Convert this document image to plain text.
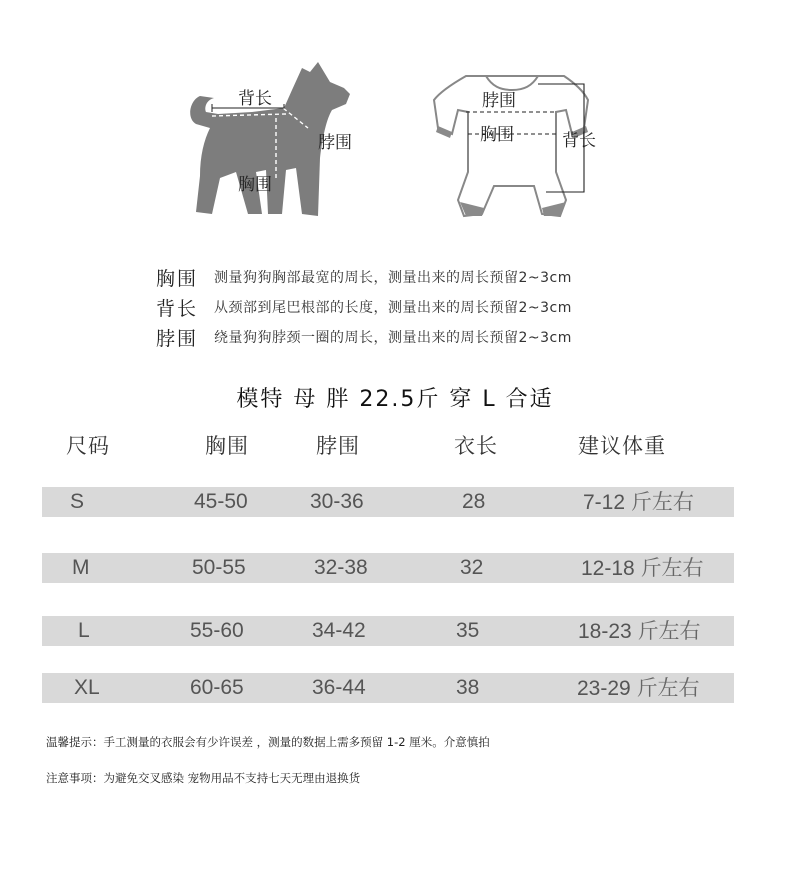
背长
脖围
胸围
脖围
胸围	背长
胸围	测量狗狗胸部最宽的周长，测量出来的周长预留2~3cm
背长	从颈部到尾巴根部的长度，测量出来的周长预留2~3cm
脖围	绕量狗狗脖颈一圈的周长，测量出来的周长预留2~3cm
模特 母 胖 22.5斤 穿 L 合适
尺码	胸围	脖围	衣长	建议体重
S	45-50	30-36	28	7-12 斤左右
M	50-55	32-38	32	12-18 斤左右
L	55-60	34-42	35	18-23 斤左右
XL	60-65	36-44	38	23-29 斤左右
温馨提示：手工测量的衣服会有少许误差 ，测量的数据上需多预留 1-2 厘米。介意慎拍
注意事项：为避免交叉感染 宠物用品不支持七天无理由退换货
